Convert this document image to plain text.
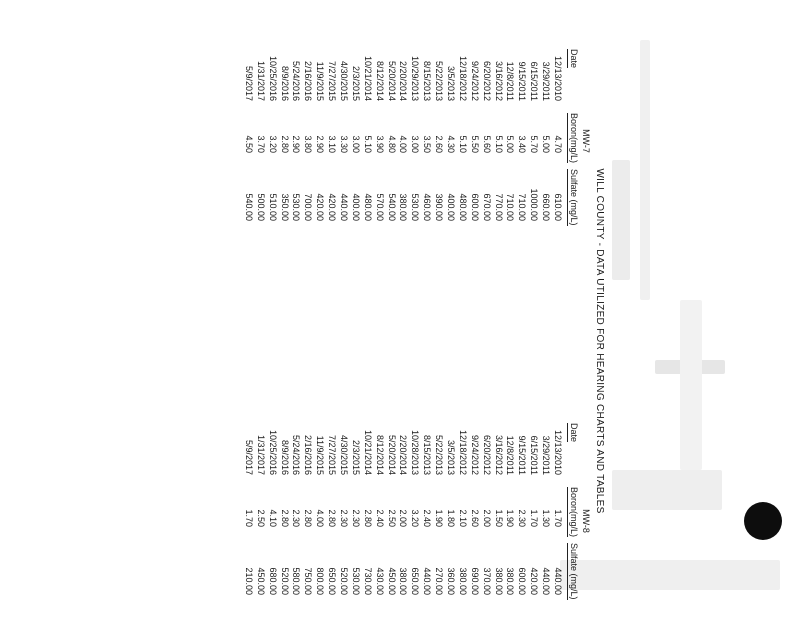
WILL COUNTY - DATA UTILIZED FOR HEARING CHARTS AND TABLES
MW-7
Date
Boron(mg/L)
Sulfate (mg/L)
12/13/2010
4.70
610.00
3/29/2011
5.00
660.00
6/15/2011
5.70
1000.00
9/15/2011
3.40
710.00
12/8/2011
5.00
710.00
3/16/2012
5.10
770.00
6/20/2012
5.60
670.00
9/24/2012
5.50
600.00
12/18/2012
5.10
480.00
3/5/2013
4.30
400.00
5/22/2013
2.60
390.00
8/15/2013
3.50
460.00
10/29/2013
3.00
530.00
2/20/2014
4.00
380.00
5/20/2014
4.80
540.00
8/12/2014
3.90
570.00
10/21/2014
5.10
480.00
2/3/2015
3.00
400.00
4/30/2015
3.30
440.00
7/27/2015
3.10
420.00
11/9/2015
2.90
420.00
2/16/2016
3.80
700.00
5/24/2016
2.90
530.00
8/9/2016
2.80
350.00
10/25/2016
3.20
510.00
1/31/2017
3.70
500.00
5/9/2017
4.50
540.00
MW-8
Date
Boron(mg/L)
Sulfate (mg/L)
12/13/2010
1.70
440.00
3/29/2011
1.30
440.00
6/15/2011
1.70
420.00
9/15/2011
2.30
600.00
12/8/2011
1.90
380.00
3/16/2012
1.50
380.00
6/20/2012
2.00
370.00
9/24/2012
2.60
690.00
12/18/2012
2.10
380.00
3/5/2013
1.80
360.00
5/22/2013
1.90
270.00
8/15/2013
2.40
440.00
10/28/2013
3.20
650.00
2/20/2014
2.00
380.00
5/20/2014
2.50
450.00
8/12/2014
2.40
430.00
10/21/2014
2.80
730.00
2/3/2015
2.30
530.00
4/30/2015
2.30
520.00
7/27/2015
2.80
650.00
11/9/2015
4.00
800.00
2/16/2016
2.80
750.00
5/24/2016
2.30
580.00
8/9/2016
2.80
520.00
10/25/2016
4.10
680.00
1/31/2017
2.50
450.00
5/9/2017
1.70
210.00
